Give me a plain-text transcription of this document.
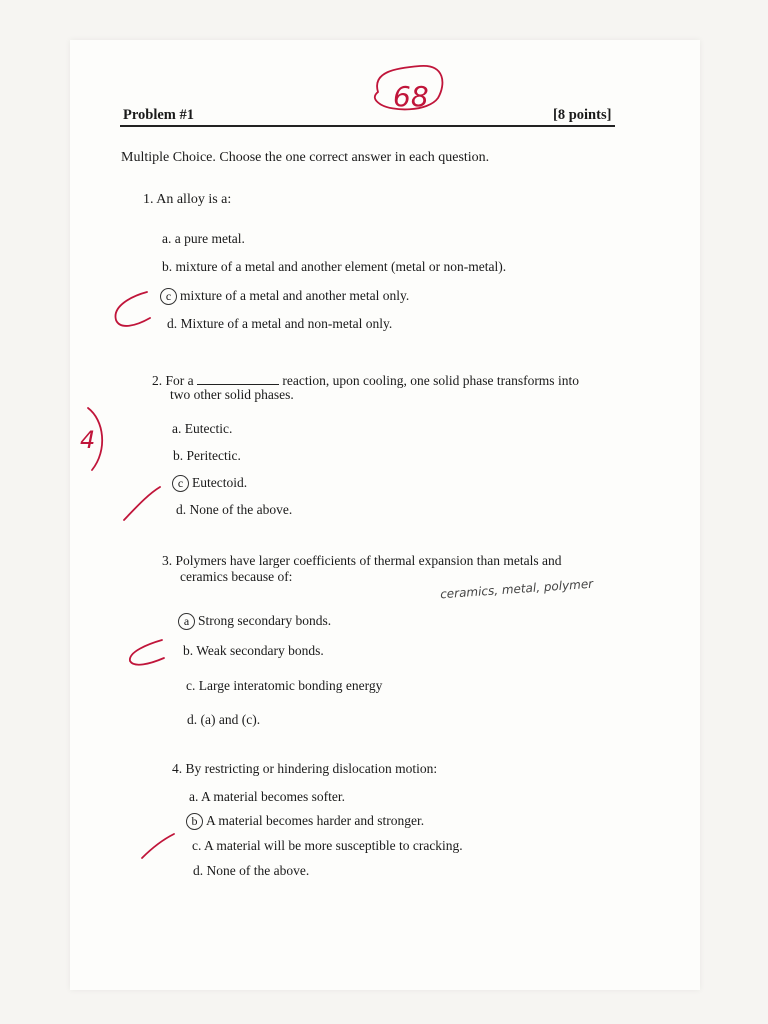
Problem #1	[8 points]
Multiple Choice. Choose the one correct answer in each question.
1. An alloy is a:
a. a pure metal.
b. mixture of a metal and another element (metal or non-metal).
c mixture of a metal and another metal only.
d. Mixture of a metal and non-metal only.
2. For a	reaction, upon cooling, one solid phase transforms into
two other solid phases.
a. Eutectic.
b. Peritectic.
c Eutectoid.
d. None of the above.
3. Polymers have larger coefficients of thermal expansion than metals and
ceramics because of:
a Strong secondary bonds.
b. Weak secondary bonds.
c. Large interatomic bonding energy
d. (a) and (c).
4. By restricting or hindering dislocation motion:
a. A material becomes softer.
b A material becomes harder and stronger.
c. A material will be more susceptible to cracking.
d. None of the above.
ceramics, metal, polymer
68
4
